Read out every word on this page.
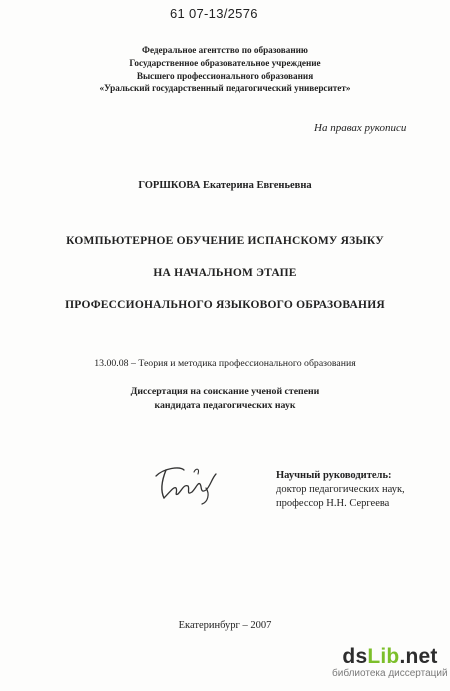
61 07-13/2576
Федеральное агентство по образованию
Государственное образовательное учреждение
Высшего профессионального образования
«Уральский государственный педагогический университет»
На правах рукописи
ГОРШКОВА Екатерина Евгеньевна
КОМПЬЮТЕРНОЕ ОБУЧЕНИЕ ИСПАНСКОМУ ЯЗЫКУ
НА НАЧАЛЬНОМ ЭТАПЕ
ПРОФЕССИОНАЛЬНОГО ЯЗЫКОВОГО ОБРАЗОВАНИЯ
13.00.08 – Теория и методика профессионального образования
Диссертация на соискание ученой степени
кандидата педагогических наук
Научный руководитель:
доктор педагогических наук,
профессор Н.Н. Сергеева
Екатеринбург – 2007
dsLib.net
библиотека диссертаций
